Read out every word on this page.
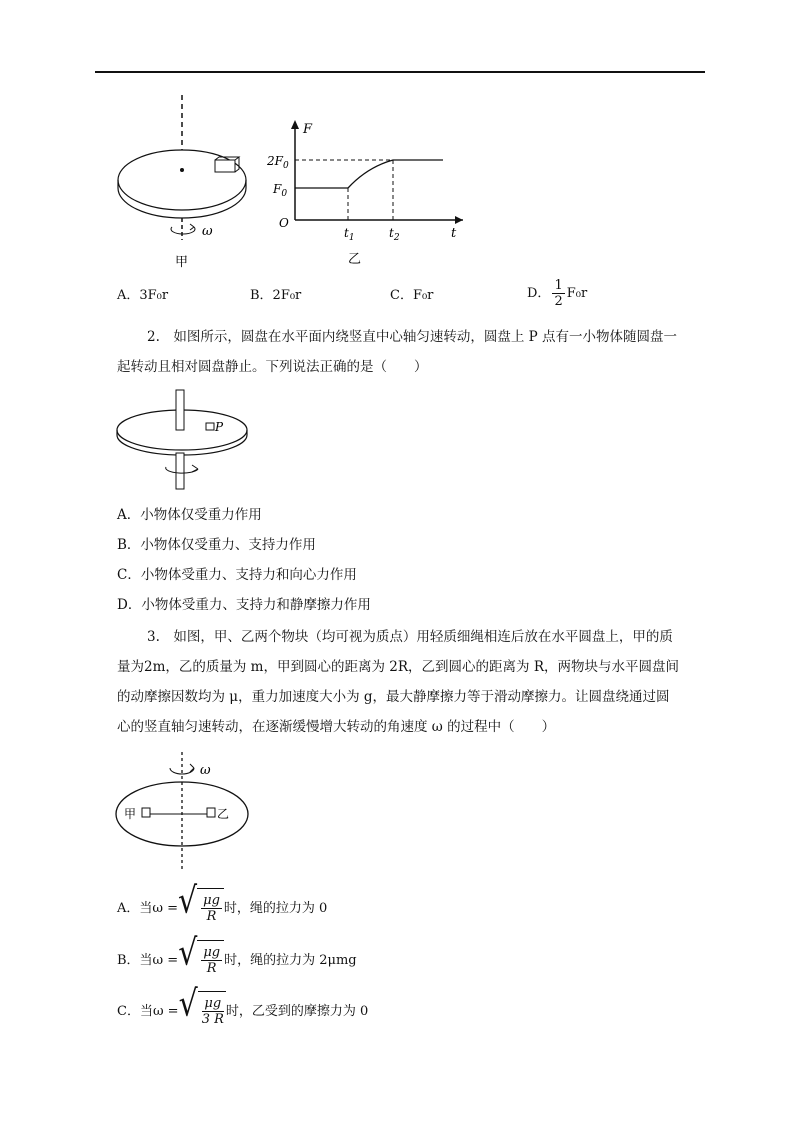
ω
甲
F
t
O
$2F_0$
$F_0$
$t_1$	$t_2$
乙
A．3F₀r	B．2F₀r	C．F₀r	D． $\frac{1}{2} F_0r$
2.　如图所示，圆盘在水平面内绕竖直中心轴匀速转动，圆盘上 P 点有一小物体随圆盘一
起转动且相对圆盘静止。下列说法正确的是（　　）
P
A．小物体仅受重力作用
B．小物体仅受重力、支持力作用
C．小物体受重力、支持力和向心力作用
D．小物体受重力、支持力和静摩擦力作用
3.　如图，甲、乙两个物块（均可视为质点）用轻质细绳相连后放在水平圆盘上，甲的质
量为2m，乙的质量为 m，甲到圆心的距离为 2R，乙到圆心的距离为 R，两物块与水平圆盘间
的动摩擦因数均为 μ，重力加速度大小为 g，最大静摩擦力等于滑动摩擦力。让圆盘绕通过圆
心的竖直轴匀速转动，在逐渐缓慢增大转动的角速度 ω 的过程中（　　）
ω
甲	乙
A．当ω = √ $\frac{\mu g}{R}$ 时，绳的拉力为 0
B．当ω = √ $\frac{\mu g}{R}$ 时，绳的拉力为 2μmg
C．当ω = √ $\frac{\mu g}{3 R}$ 时，乙受到的摩擦力为 0
